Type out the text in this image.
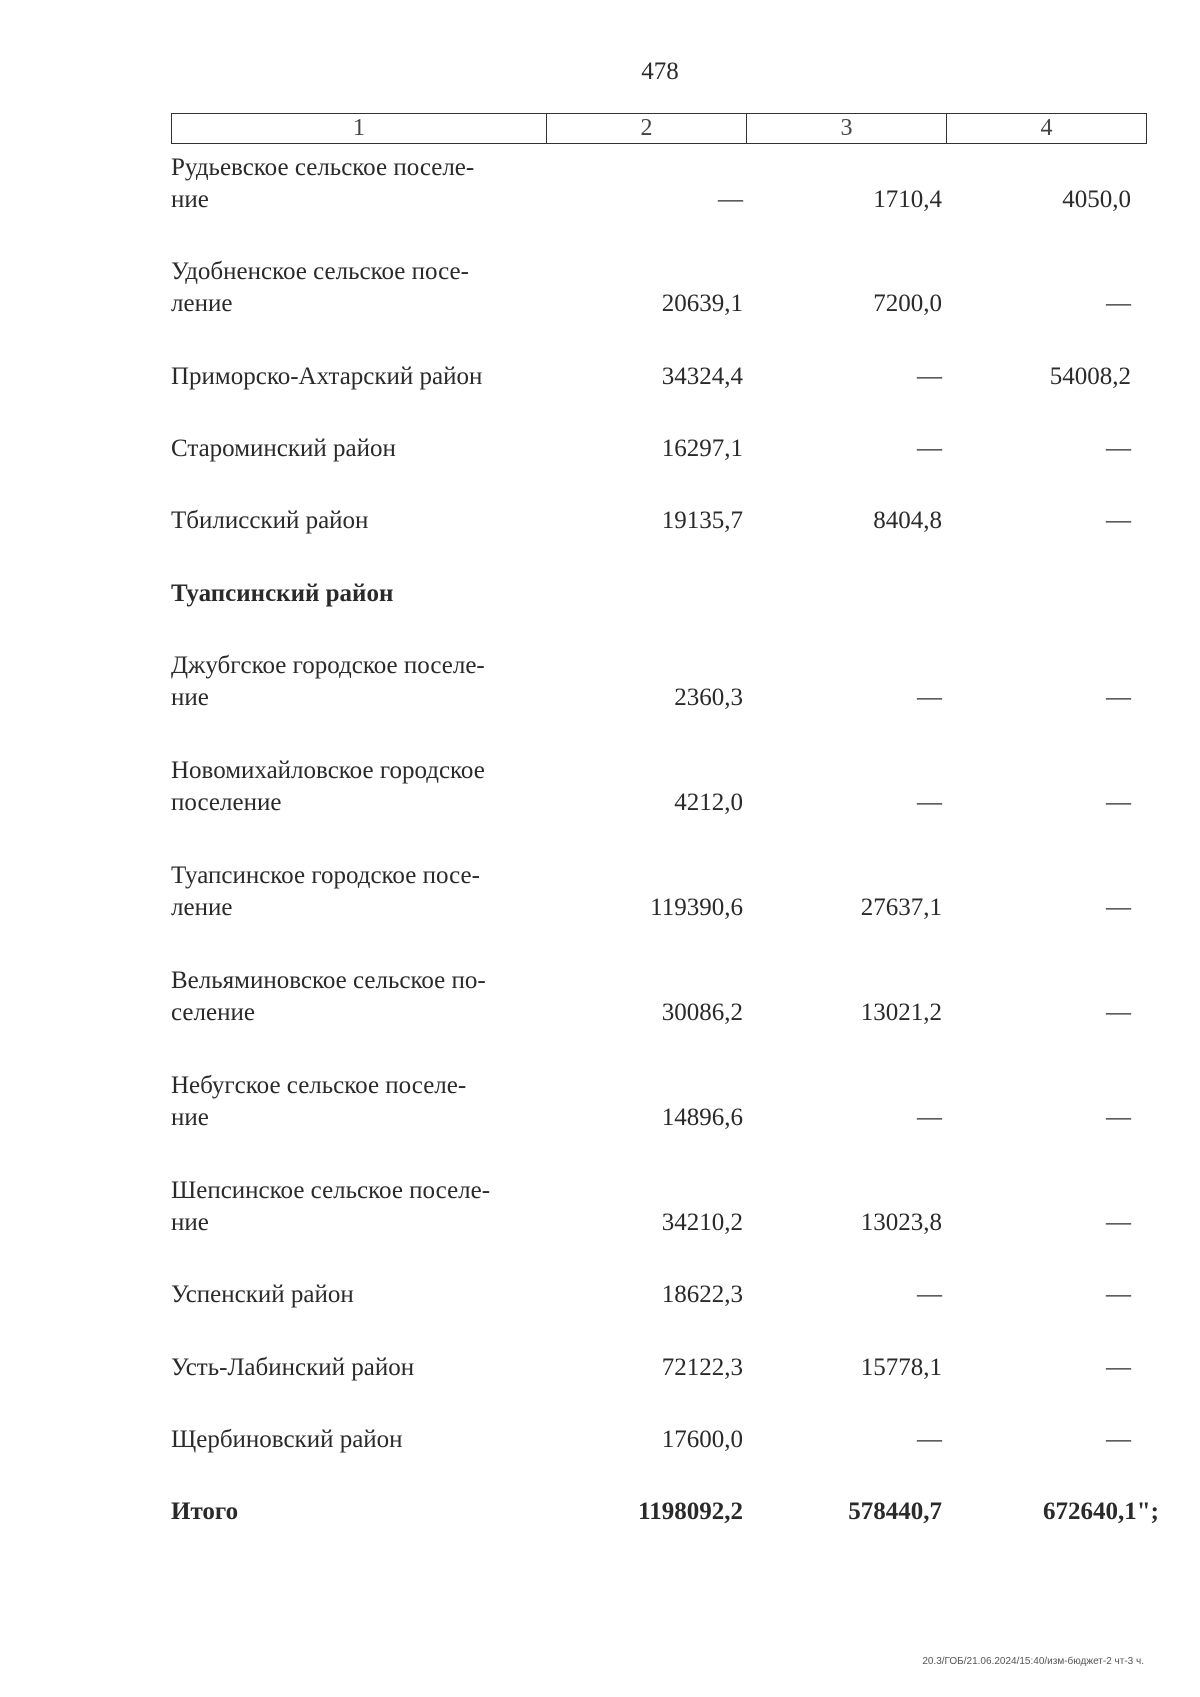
478
1	2	3	4
Рудьевское сельское поселе-
ние	—	1710,4	4050,0
Удобненское сельское посе-
ление	20639,1	7200,0	—
Приморско-Ахтарский район	34324,4	—	54008,2
Староминский район	16297,1	—	—
Тбилисский район	19135,7	8404,8	—
Туапсинский район
Джубгское городское поселе-
ние	2360,3	—	—
Новомихайловское городское
поселение	4212,0	—	—
Туапсинское городское посе-
ление	119390,6	27637,1	—
Вельяминовское сельское по-
селение	30086,2	13021,2	—
Небугское сельское поселе-
ние	14896,6	—	—
Шепсинское сельское поселе-
ние	34210,2	13023,8	—
Успенский район	18622,3	—	—
Усть-Лабинский район	72122,3	15778,1	—
Щербиновский район	17600,0	—	—
Итого	1198092,2	578440,7	672640,1";
20.3/ГОБ/21.06.2024/15:40/изм-бюджет-2 чт-3 ч.
